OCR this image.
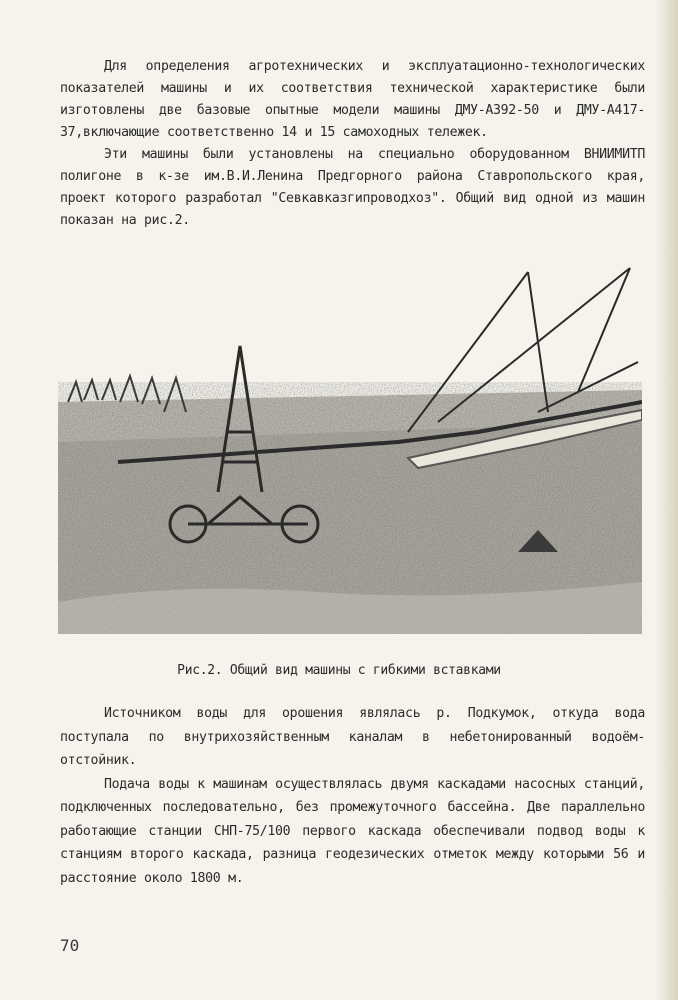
Для определения агротехнических и эксплуатационно-технологических показателей машины и их соответствия технической характеристике были изготовлены две базовые опытные модели машины ДМУ-А392-50 и ДМУ-А417-37,включающие соответственно 14 и 15 самоходных тележек.

Эти машины были установлены на специально оборудованном ВНИИМИТП полигоне в к-зе им.В.И.Ленина Предгорного района Ставропольского края, проект которого разработал "Севкавказгипроводхоз". Общий вид одной из машин показан на рис.2.

Рис.2. Общий вид машины с гибкими вставками

Источником воды для орошения являлась р. Подкумок, откуда вода поступала по внутрихозяйственным каналам в небетонированный водоём-отстойник.

Подача воды к машинам осуществлялась двумя каскадами насосных станций, подключенных последовательно, без промежуточного бассейна. Две параллельно работающие станции СНП-75/100 первого каскада обеспечивали подвод воды к станциям второго каскада, разница геодезических отметок между которыми 56 и расстояние около 1800 м.

70
